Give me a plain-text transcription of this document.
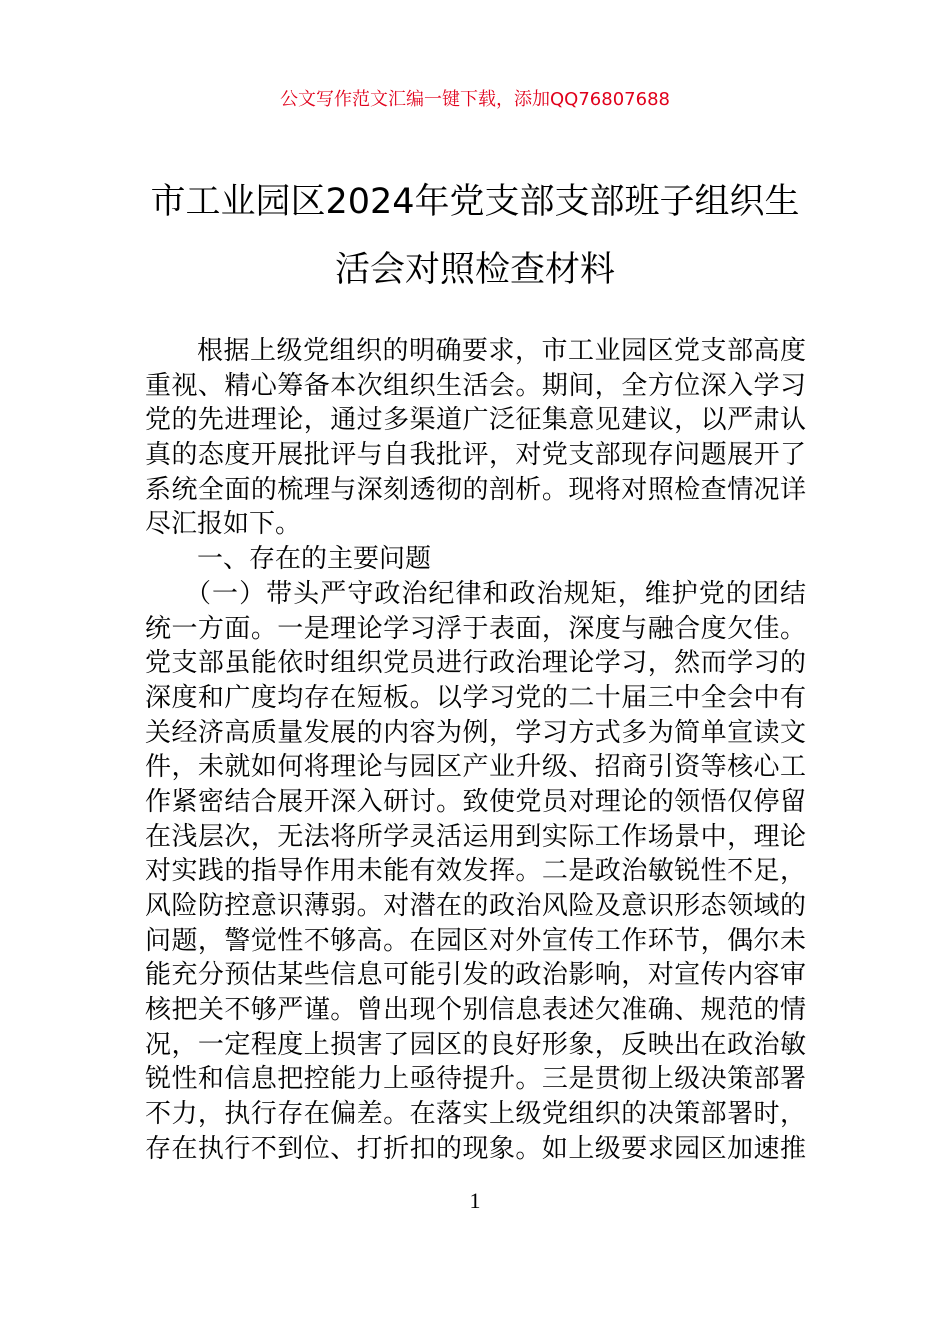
公文写作范文汇编一键下载，添加QQ76807688
市工业园区2024年党支部支部班子组织生
活会对照检查材料
根据上级党组织的明确要求，市工业园区党支部高度
重视、精心筹备本次组织生活会。期间，全方位深入学习
党的先进理论，通过多渠道广泛征集意见建议，以严肃认
真的态度开展批评与自我批评，对党支部现存问题展开了
系统全面的梳理与深刻透彻的剖析。现将对照检查情况详
尽汇报如下。
一、存在的主要问题
（一）带头严守政治纪律和政治规矩，维护党的团结
统一方面。一是理论学习浮于表面，深度与融合度欠佳。
党支部虽能依时组织党员进行政治理论学习，然而学习的
深度和广度均存在短板。以学习党的二十届三中全会中有
关经济高质量发展的内容为例，学习方式多为简单宣读文
件，未就如何将理论与园区产业升级、招商引资等核心工
作紧密结合展开深入研讨。致使党员对理论的领悟仅停留
在浅层次，无法将所学灵活运用到实际工作场景中，理论
对实践的指导作用未能有效发挥。二是政治敏锐性不足，
风险防控意识薄弱。对潜在的政治风险及意识形态领域的
问题，警觉性不够高。在园区对外宣传工作环节，偶尔未
能充分预估某些信息可能引发的政治影响，对宣传内容审
核把关不够严谨。曾出现个别信息表述欠准确、规范的情
况，一定程度上损害了园区的良好形象，反映出在政治敏
锐性和信息把控能力上亟待提升。三是贯彻上级决策部署
不力，执行存在偏差。在落实上级党组织的决策部署时，
存在执行不到位、打折扣的现象。如上级要求园区加速推
1
